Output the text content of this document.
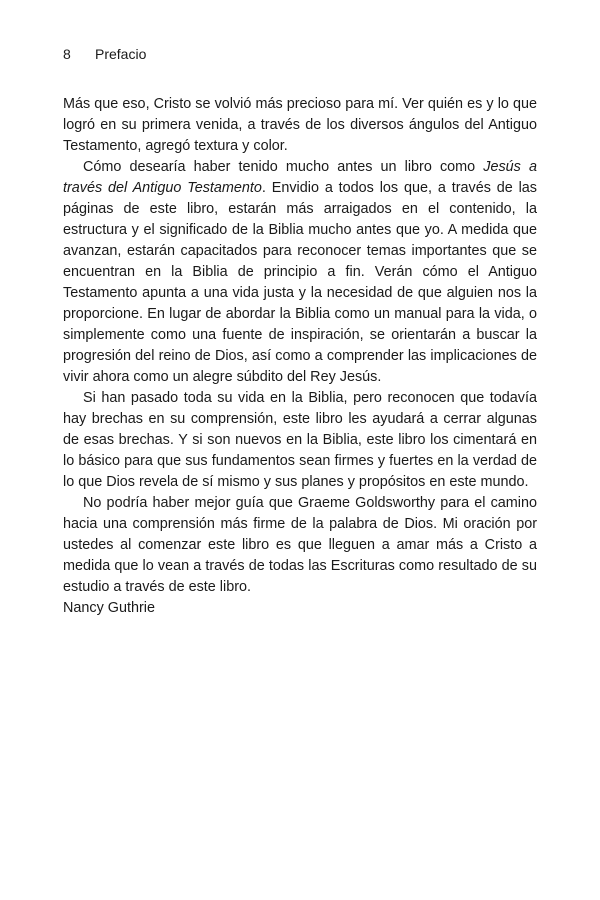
8 Prefacio

Más que eso, Cristo se volvió más precioso para mí. Ver quién es y lo que logró en su primera venida, a través de los diversos ángulos del Antiguo Testamento, agregó textura y color.

Cómo desearía haber tenido mucho antes un libro como Jesús a través del Antiguo Testamento. Envidio a todos los que, a través de las páginas de este libro, estarán más arraigados en el contenido, la estructura y el significado de la Biblia mucho antes que yo. A medida que avanzan, estarán capacitados para reconocer temas importantes que se encuentran en la Biblia de principio a fin. Verán cómo el Antiguo Testamento apunta a una vida justa y la necesidad de que alguien nos la proporcione. En lugar de abordar la Biblia como un manual para la vida, o simplemente como una fuente de inspiración, se orientarán a buscar la progresión del reino de Dios, así como a comprender las implicaciones de vivir ahora como un alegre súbdito del Rey Jesús.

Si han pasado toda su vida en la Biblia, pero reconocen que todavía hay brechas en su comprensión, este libro les ayudará a cerrar algunas de esas brechas. Y si son nuevos en la Biblia, este libro los cimentará en lo básico para que sus fundamentos sean firmes y fuertes en la verdad de lo que Dios revela de sí mismo y sus planes y propósitos en este mundo.

No podría haber mejor guía que Graeme Goldsworthy para el camino hacia una comprensión más firme de la palabra de Dios. Mi oración por ustedes al comenzar este libro es que lleguen a amar más a Cristo a medida que lo vean a través de todas las Escrituras como resultado de su estudio a través de este libro.

Nancy Guthrie
